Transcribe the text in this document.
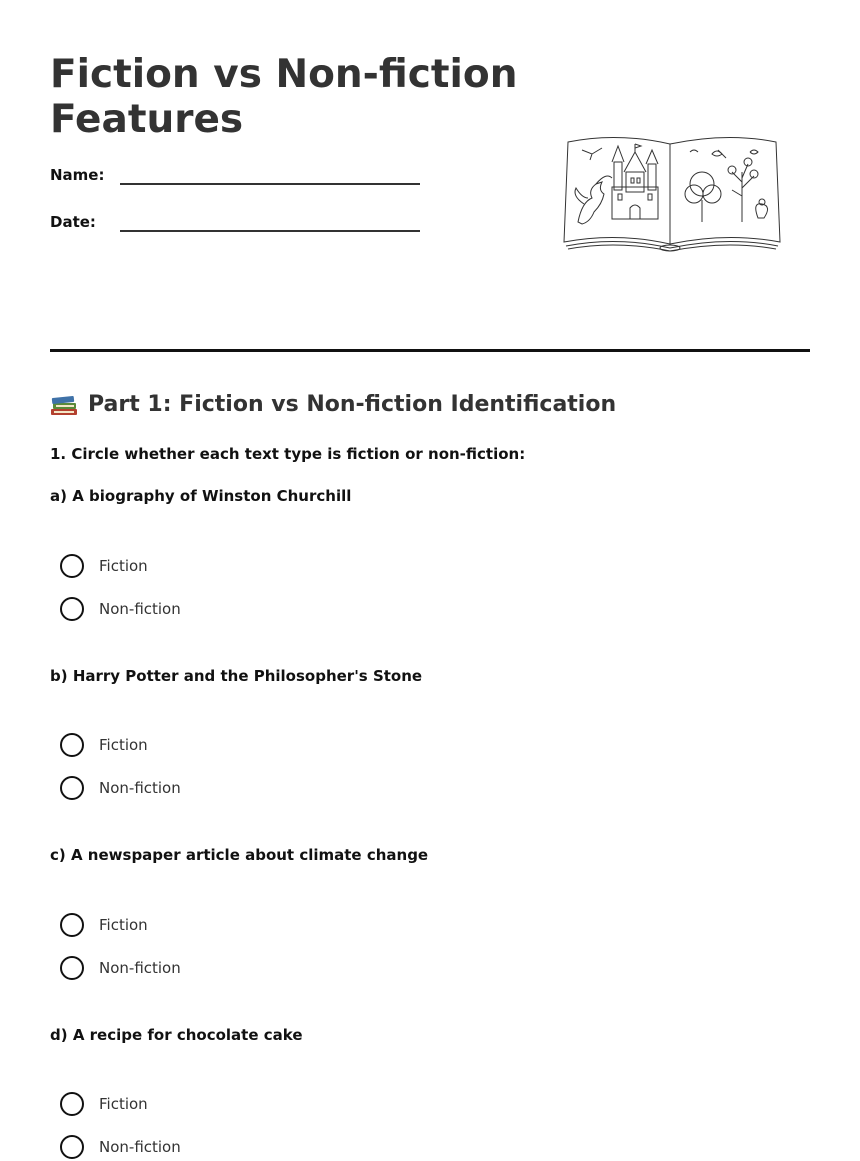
Fiction vs Non-fiction
Features
Name:
Date:
Part 1: Fiction vs Non-fiction Identification
1. Circle whether each text type is fiction or non-fiction:
a) A biography of Winston Churchill
Fiction
Non-fiction
b) Harry Potter and the Philosopher's Stone
Fiction
Non-fiction
c) A newspaper article about climate change
Fiction
Non-fiction
d) A recipe for chocolate cake
Fiction
Non-fiction
